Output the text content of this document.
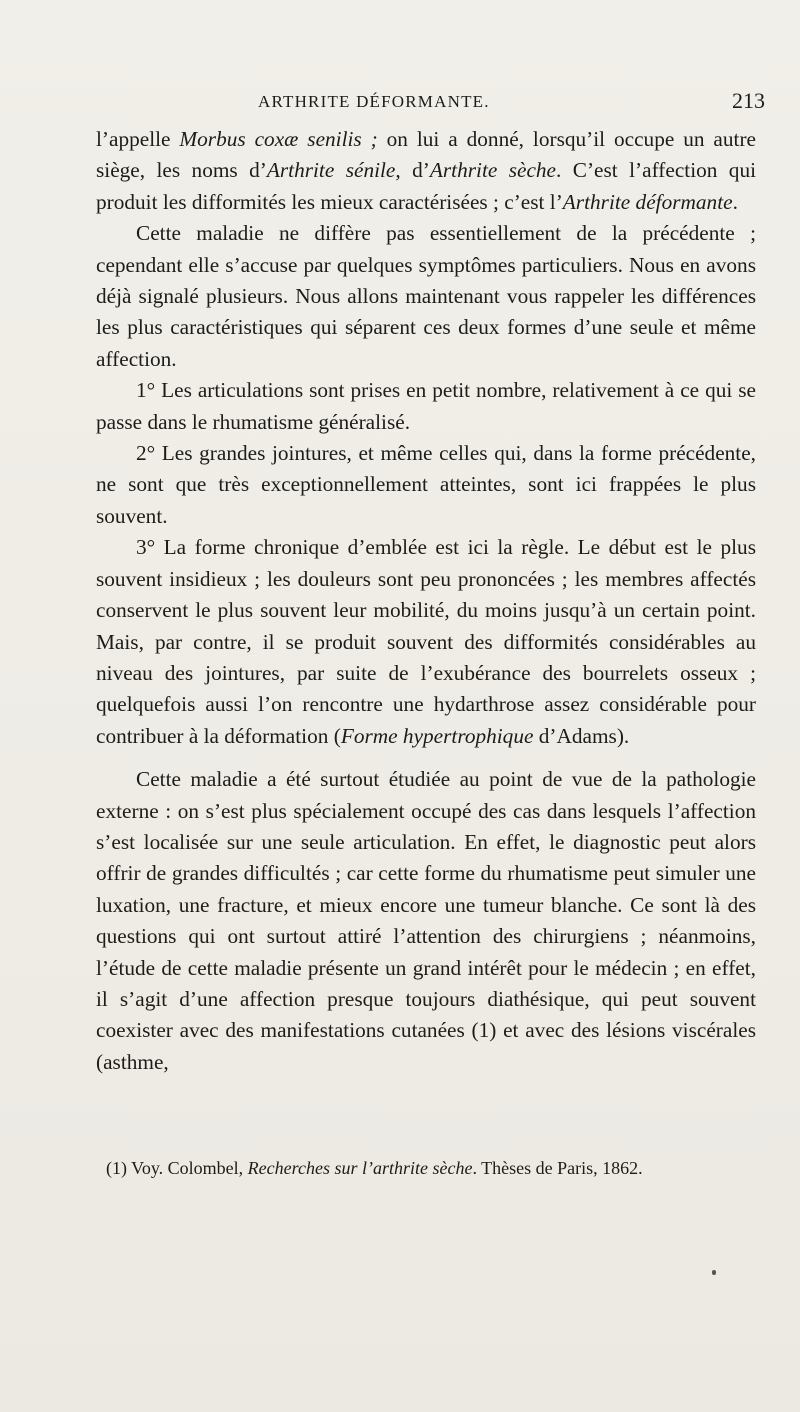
ARTHRITE DÉFORMANTE.	213

l’appelle Morbus coxæ senilis ; on lui a donné, lorsqu’il occupe un autre siège, les noms d’Arthrite sénile, d’Arthrite sèche. C’est l’affection qui produit les difformités les mieux caractérisées ; c’est l’Arthrite déformante.

Cette maladie ne diffère pas essentiellement de la précédente ; cependant elle s’accuse par quelques symptômes particuliers. Nous en avons déjà signalé plusieurs. Nous allons maintenant vous rappeler les différences les plus caractéristiques qui séparent ces deux formes d’une seule et même affection.

1° Les articulations sont prises en petit nombre, relativement à ce qui se passe dans le rhumatisme généralisé.

2° Les grandes jointures, et même celles qui, dans la forme précédente, ne sont que très exceptionnellement atteintes, sont ici frappées le plus souvent.

3° La forme chronique d’emblée est ici la règle. Le début est le plus souvent insidieux ; les douleurs sont peu prononcées ; les membres affectés conservent le plus souvent leur mobilité, du moins jusqu’à un certain point. Mais, par contre, il se produit souvent des difformités considérables au niveau des jointures, par suite de l’exubérance des bourrelets osseux ; quelquefois aussi l’on rencontre une hydarthrose assez considérable pour contribuer à la déformation (Forme hypertrophique d’Adams).

Cette maladie a été surtout étudiée au point de vue de la pathologie externe : on s’est plus spécialement occupé des cas dans lesquels l’affection s’est localisée sur une seule articulation. En effet, le diagnostic peut alors offrir de grandes difficultés ; car cette forme du rhumatisme peut simuler une luxation, une fracture, et mieux encore une tumeur blanche. Ce sont là des questions qui ont surtout attiré l’attention des chirurgiens ; néanmoins, l’étude de cette maladie présente un grand intérêt pour le médecin ; en effet, il s’agit d’une affection presque toujours diathésique, qui peut souvent coexister avec des manifestations cutanées (1) et avec des lésions viscérales (asthme,

(1) Voy. Colombel, Recherches sur l’arthrite sèche. Thèses de Paris, 1862.
